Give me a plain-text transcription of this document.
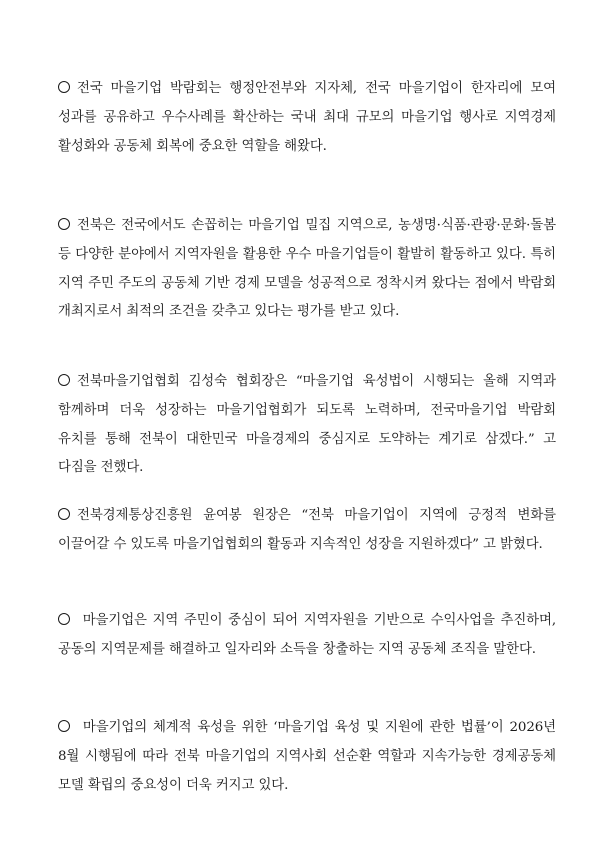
전국 마을기업 박람회는 행정안전부와 지자체, 전국 마을기업이 한자리에 모여 성과를 공유하고 우수사례를 확산하는 국내 최대 규모의 마을기업 행사로 지역경제 활성화와 공동체 회복에 중요한 역할을 해왔다.

전북은 전국에서도 손꼽히는 마을기업 밀집 지역으로, 농생명·식품·관광·문화·돌봄 등 다양한 분야에서 지역자원을 활용한 우수 마을기업들이 활발히 활동하고 있다. 특히 지역 주민 주도의 공동체 기반 경제 모델을 성공적으로 정착시켜 왔다는 점에서 박람회 개최지로서 최적의 조건을 갖추고 있다는 평가를 받고 있다.

전북마을기업협회 김성숙 협회장은 “마을기업 육성법이 시행되는 올해 지역과 함께하며 더욱 성장하는 마을기업협회가 되도록 노력하며, 전국마을기업 박람회 유치를 통해 전북이 대한민국 마을경제의 중심지로 도약하는 계기로 삼겠다.” 고 다짐을 전했다.

전북경제통상진흥원 윤여봉 원장은 “전북 마을기업이 지역에 긍정적 변화를 이끌어갈 수 있도록 마을기업협회의 활동과 지속적인 성장을 지원하겠다” 고 밝혔다.

마을기업은 지역 주민이 중심이 되어 지역자원을 기반으로 수익사업을 추진하며, 공동의 지역문제를 해결하고 일자리와 소득을 창출하는 지역 공동체 조직을 말한다.

마을기업의 체계적 육성을 위한 ‘마을기업 육성 및 지원에 관한 법률’이 2026년 8월 시행됨에 따라 전북 마을기업의 지역사회 선순환 역할과 지속가능한 경제공동체 모델 확립의 중요성이 더욱 커지고 있다.
